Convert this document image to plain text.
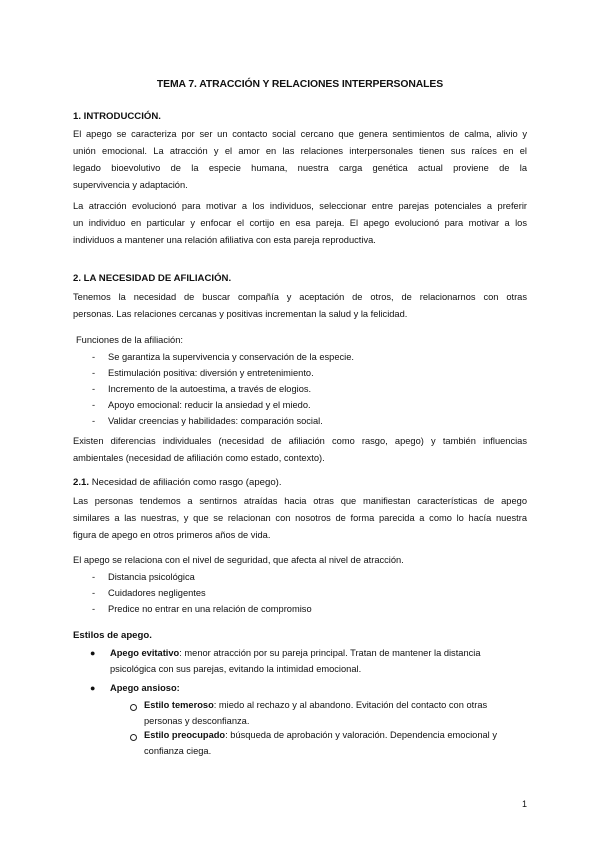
TEMA 7. ATRACCIÓN Y RELACIONES INTERPERSONALES
1. INTRODUCCIÓN.
El apego se caracteriza por ser un contacto social cercano que genera sentimientos de calma, alivio y
unión emocional. La atracción y el amor en las relaciones interpersonales tienen sus raíces en el
legado bioevolutivo de la especie humana, nuestra carga genética actual proviene de la
supervivencia y adaptación.
La atracción evolucionó para motivar a los individuos, seleccionar entre parejas potenciales a preferir
un individuo en particular y enfocar el cortijo en esa pareja. El apego evolucionó para motivar a los
individuos a mantener una relación afiliativa con esta pareja reproductiva.
2. LA NECESIDAD DE AFILIACIÓN.
Tenemos la necesidad de buscar compañía y aceptación de otros, de relacionarnos con otras
personas. Las relaciones cercanas y positivas incrementan la salud y la felicidad.
Funciones de la afiliación:
- Se garantiza la supervivencia y conservación de la especie.
- Estimulación positiva: diversión y entretenimiento.
- Incremento de la autoestima, a través de elogios.
- Apoyo emocional: reducir la ansiedad y el miedo.
- Validar creencias y habilidades: comparación social.
Existen diferencias individuales (necesidad de afiliación como rasgo, apego) y también influencias
ambientales (necesidad de afiliación como estado, contexto).
2.1. Necesidad de afiliación como rasgo (apego).
Las personas tendemos a sentirnos atraídas hacia otras que manifiestan características de apego
similares a las nuestras, y que se relacionan con nosotros de forma parecida a como lo hacía nuestra
figura de apego en otros primeros años de vida.
El apego se relaciona con el nivel de seguridad, que afecta al nivel de atracción.
- Distancia psicológica
- Cuidadores negligentes
- Predice no entrar en una relación de compromiso
Estilos de apego.
● Apego evitativo: menor atracción por su pareja principal. Tratan de mantener la distancia
psicológica con sus parejas, evitando la intimidad emocional.
● Apego ansioso:
Estilo temeroso: miedo al rechazo y al abandono. Evitación del contacto con otras
personas y desconfianza.
Estilo preocupado: búsqueda de aprobación y valoración. Dependencia emocional y
confianza ciega.
1
